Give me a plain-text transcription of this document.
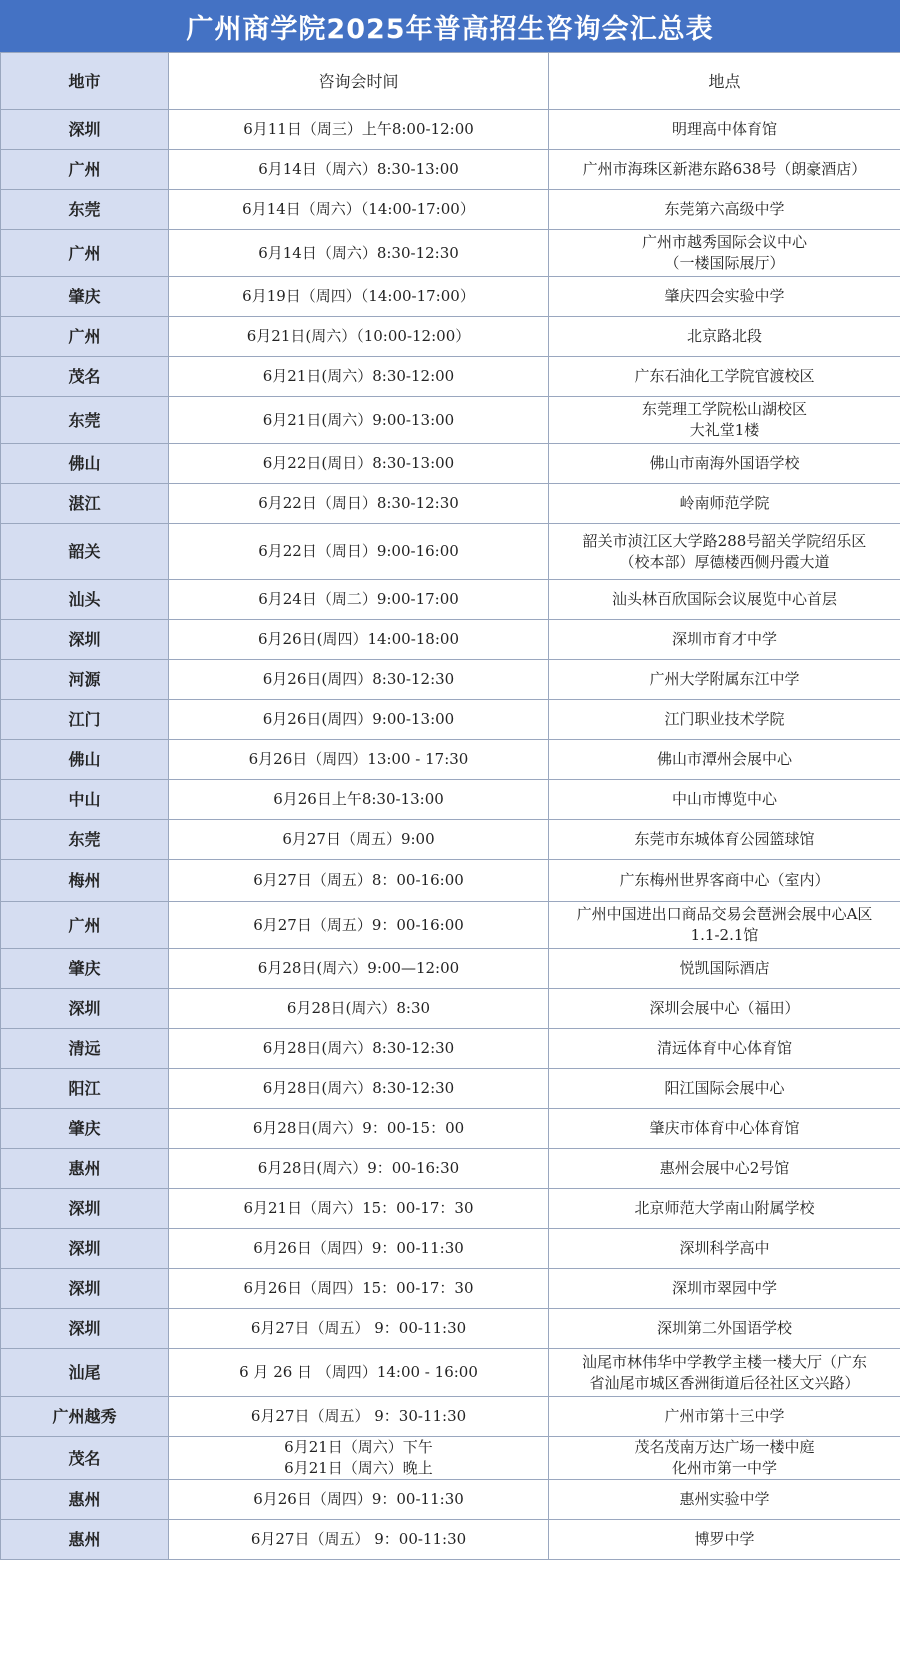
广州商学院2025年普高招生咨询会汇总表
地市	咨询会时间	地点
深圳	6月11日（周三）上午8:00-12:00	明理高中体育馆
广州	6月14日（周六）8:30-13:00	广州市海珠区新港东路638号（朗豪酒店）
东莞	6月14日（周六）（14:00-17:00）	东莞第六高级中学
广州	6月14日（周六）8:30-12:30	广州市越秀国际会议中心
（一楼国际展厅）
肇庆	6月19日（周四）（14:00-17:00）	肇庆四会实验中学
广州	6月21日(周六）（10:00-12:00）	北京路北段
茂名	6月21日(周六）8:30-12:00	广东石油化工学院官渡校区
东莞	6月21日(周六）9:00-13:00	东莞理工学院松山湖校区
大礼堂1楼
佛山	6月22日(周日）8:30-13:00	佛山市南海外国语学校
湛江	6月22日（周日）8:30-12:30	岭南师范学院
韶关	6月22日（周日）9:00-16:00	韶关市浈江区大学路288号韶关学院绍乐区
（校本部）厚德楼西侧丹霞大道
汕头	6月24日（周二）9:00-17:00	汕头林百欣国际会议展览中心首层
深圳	6月26日(周四）14:00-18:00	深圳市育才中学
河源	6月26日(周四）8:30-12:30	广州大学附属东江中学
江门	6月26日(周四）9:00-13:00	江门职业技术学院
佛山	6月26日（周四）13:00 - 17:30	佛山市潭州会展中心
中山	6月26日上午8:30-13:00	中山市博览中心
东莞	6月27日（周五）9:00	东莞市东城体育公园篮球馆
梅州	6月27日（周五）8：00-16:00	广东梅州世界客商中心（室内）
广州	6月27日（周五）9：00-16:00	广州中国进出口商品交易会琶洲会展中心A区
1.1-2.1馆
肇庆	6月28日(周六）9:00—12:00	悦凯国际酒店
深圳	6月28日(周六）8:30	深圳会展中心（福田）
清远	6月28日(周六）8:30-12:30	清远体育中心体育馆
阳江	6月28日(周六）8:30-12:30	阳江国际会展中心
肇庆	6月28日(周六）9：00-15：00	肇庆市体育中心体育馆
惠州	6月28日(周六）9：00-16:30	惠州会展中心2号馆
深圳	6月21日（周六）15：00-17：30	北京师范大学南山附属学校
深圳	6月26日（周四）9：00-11:30	深圳科学高中
深圳	6月26日（周四）15：00-17：30	深圳市翠园中学
深圳	6月27日（周五） 9：00-11:30	深圳第二外国语学校
汕尾	6 月 26 日 （周四）14:00 - 16:00	汕尾市林伟华中学教学主楼一楼大厅（广东
省汕尾市城区香洲街道后径社区文兴路）
广州越秀	6月27日（周五） 9：30-11:30	广州市第十三中学
茂名	6月21日（周六）下午
6月21日（周六）晚上	茂名茂南万达广场一楼中庭
化州市第一中学
惠州	6月26日（周四）9：00-11:30	惠州实验中学
惠州	6月27日（周五） 9：00-11:30	博罗中学
